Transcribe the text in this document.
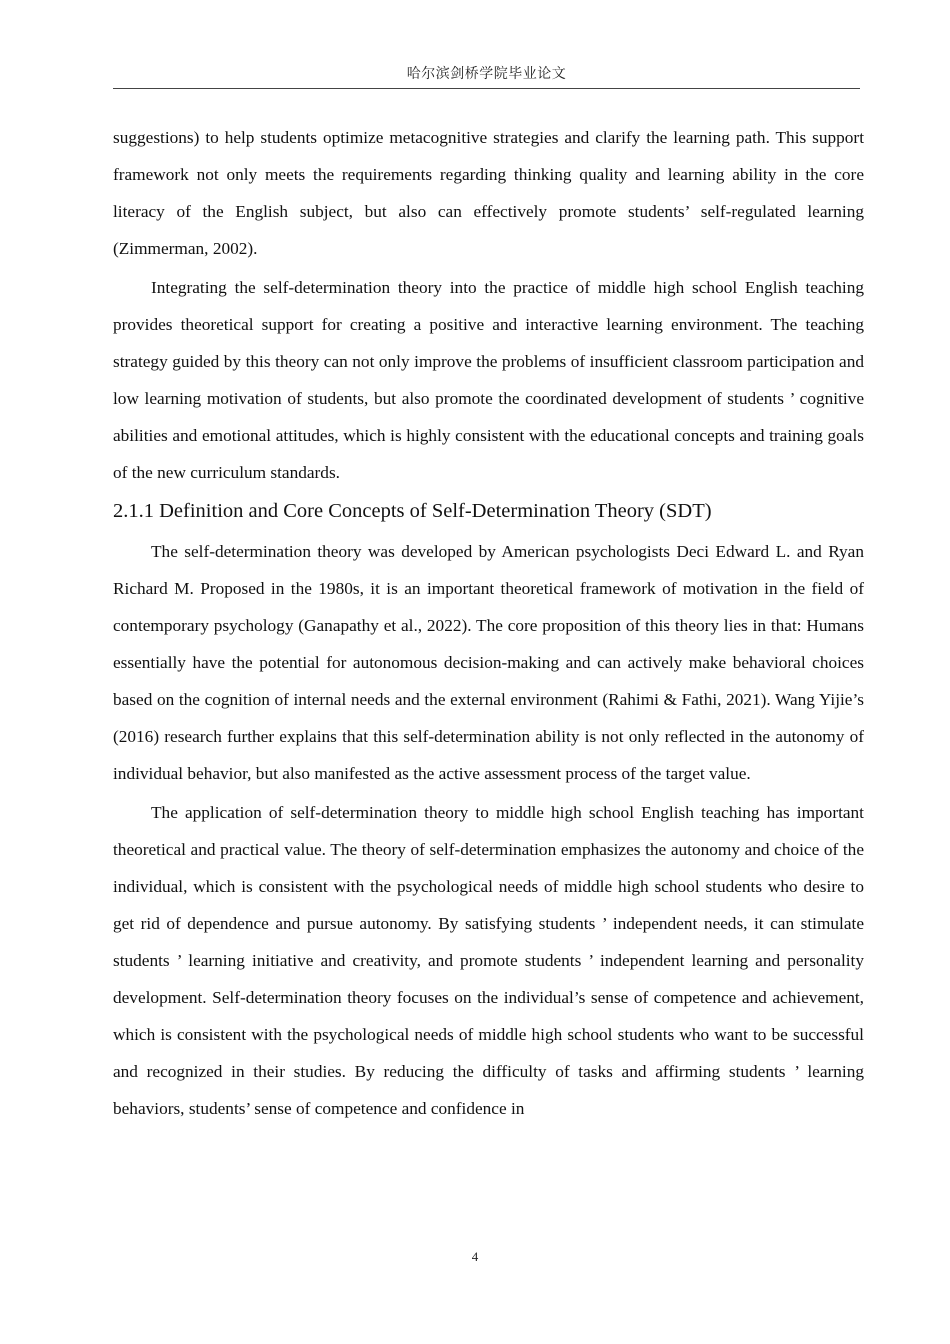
哈尔滨剑桥学院毕业论文

suggestions) to help students optimize metacognitive strategies and clarify the learning path. This support framework not only meets the requirements regarding thinking quality and learning ability in the core literacy of the English subject, but also can effectively promote students’ self-regulated learning (Zimmerman, 2002).

Integrating the self-determination theory into the practice of middle high school English teaching provides theoretical support for creating a positive and interactive learning environment. The teaching strategy guided by this theory can not only improve the problems of insufficient classroom participation and low learning motivation of students, but also promote the coordinated development of students ’ cognitive abilities and emotional attitudes, which is highly consistent with the educational concepts and training goals of the new curriculum standards.

2.1.1 Definition and Core Concepts of Self-Determination Theory (SDT)

The self-determination theory was developed by American psychologists Deci Edward L. and Ryan Richard M. Proposed in the 1980s, it is an important theoretical framework of motivation in the field of contemporary psychology (Ganapathy et al., 2022). The core proposition of this theory lies in that: Humans essentially have the potential for autonomous decision-making and can actively make behavioral choices based on the cognition of internal needs and the external environment (Rahimi & Fathi, 2021). Wang Yijie’s (2016) research further explains that this self-determination ability is not only reflected in the autonomy of individual behavior, but also manifested as the active assessment process of the target value.

The application of self-determination theory to middle high school English teaching has important theoretical and practical value. The theory of self-determination emphasizes the autonomy and choice of the individual, which is consistent with the psychological needs of middle high school students who desire to get rid of dependence and pursue autonomy. By satisfying students ’ independent needs, it can stimulate students ’ learning initiative and creativity, and promote students ’ independent learning and personality development. Self-determination theory focuses on the individual’s sense of competence and achievement, which is consistent with the psychological needs of middle high school students who want to be successful and recognized in their studies. By reducing the difficulty of tasks and affirming students ’ learning behaviors, students’ sense of competence and confidence in

4
